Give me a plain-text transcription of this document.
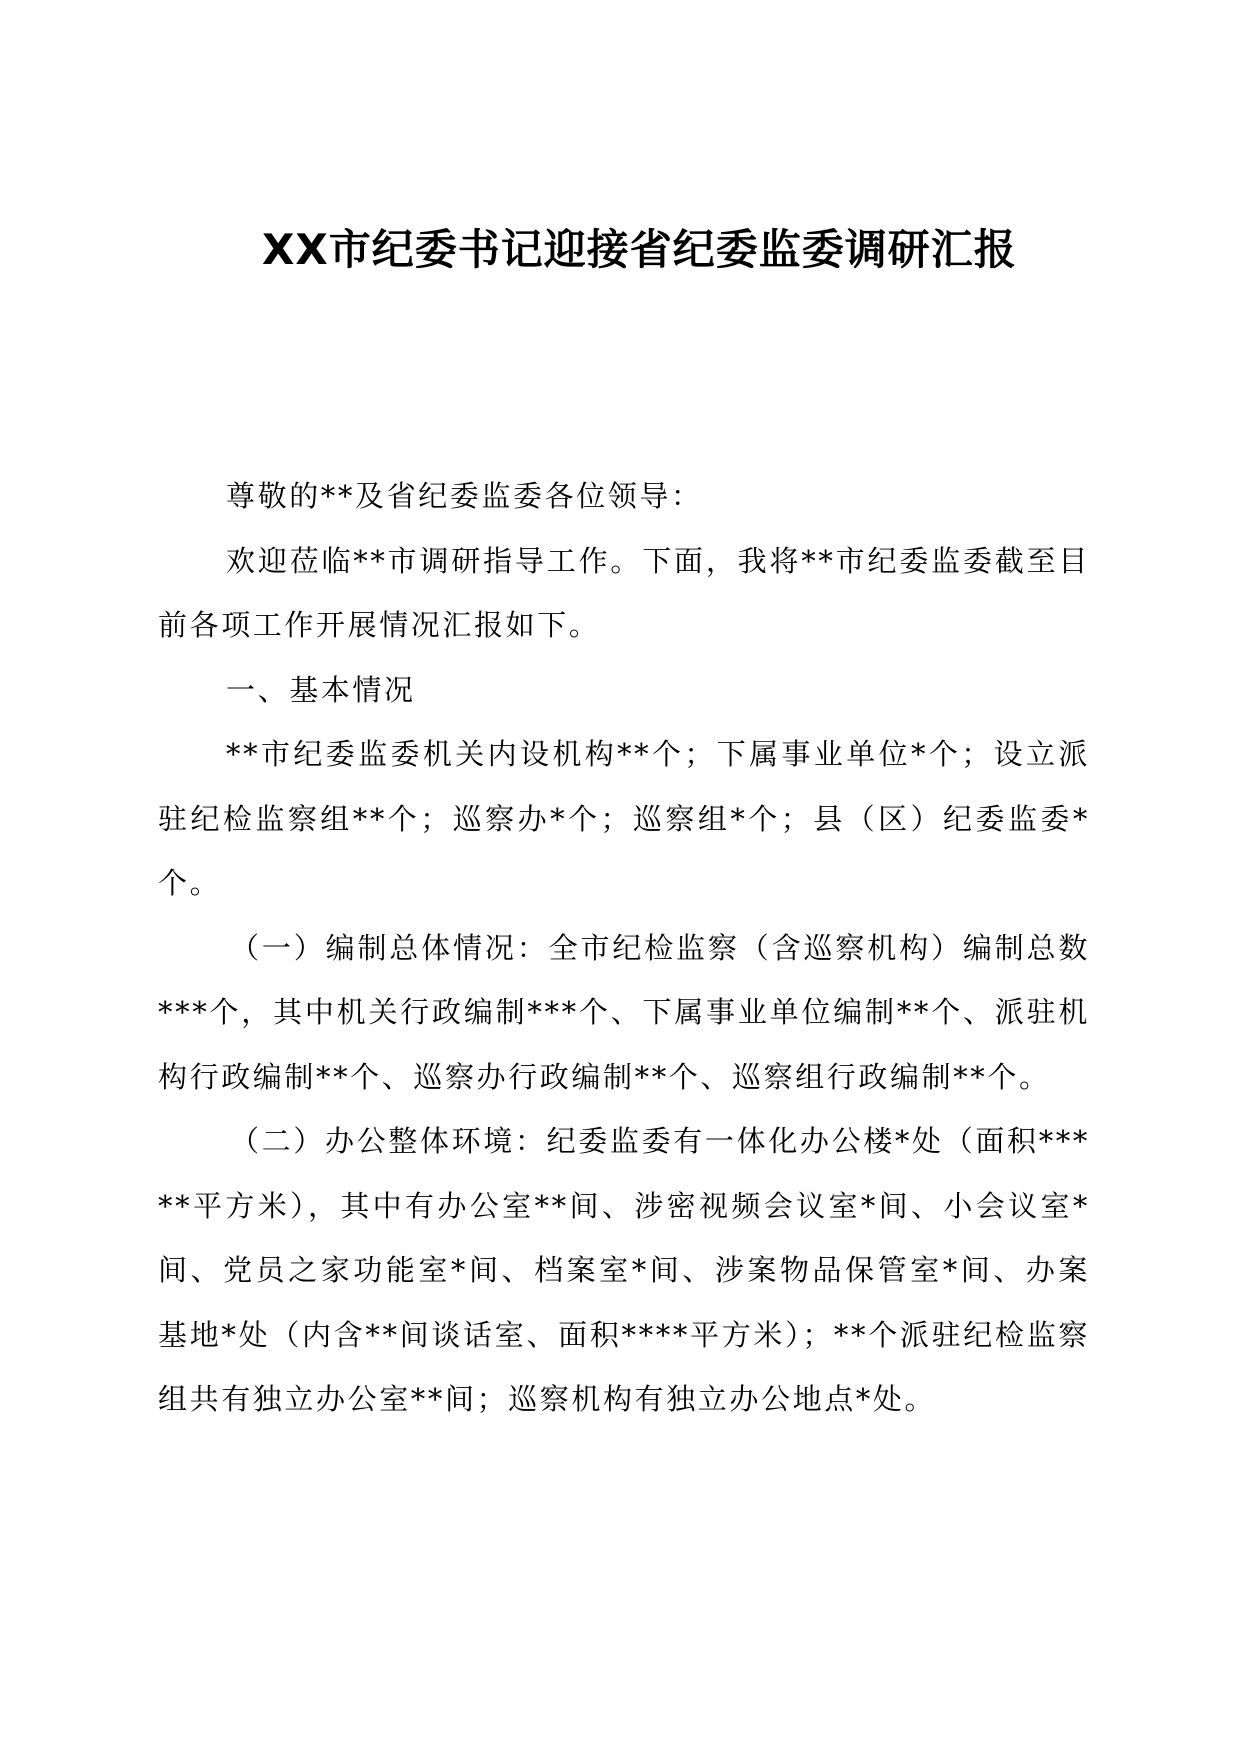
XX市纪委书记迎接省纪委监委调研汇报

尊敬的**及省纪委监委各位领导：

欢迎莅临**市调研指导工作。下面，我将**市纪委监委截至目前各项工作开展情况汇报如下。

一、基本情况

**市纪委监委机关内设机构**个；下属事业单位*个；设立派驻纪检监察组**个；巡察办*个；巡察组*个；县（区）纪委监委*个。

（一）编制总体情况：全市纪检监察（含巡察机构）编制总数***个，其中机关行政编制***个、下属事业单位编制**个、派驻机构行政编制**个、巡察办行政编制**个、巡察组行政编制**个。

（二）办公整体环境：纪委监委有一体化办公楼*处（面积*****平方米），其中有办公室**间、涉密视频会议室*间、小会议室*间、党员之家功能室*间、档案室*间、涉案物品保管室*间、办案基地*处（内含**间谈话室、面积****平方米）；**个派驻纪检监察组共有独立办公室**间；巡察机构有独立办公地点*处。
